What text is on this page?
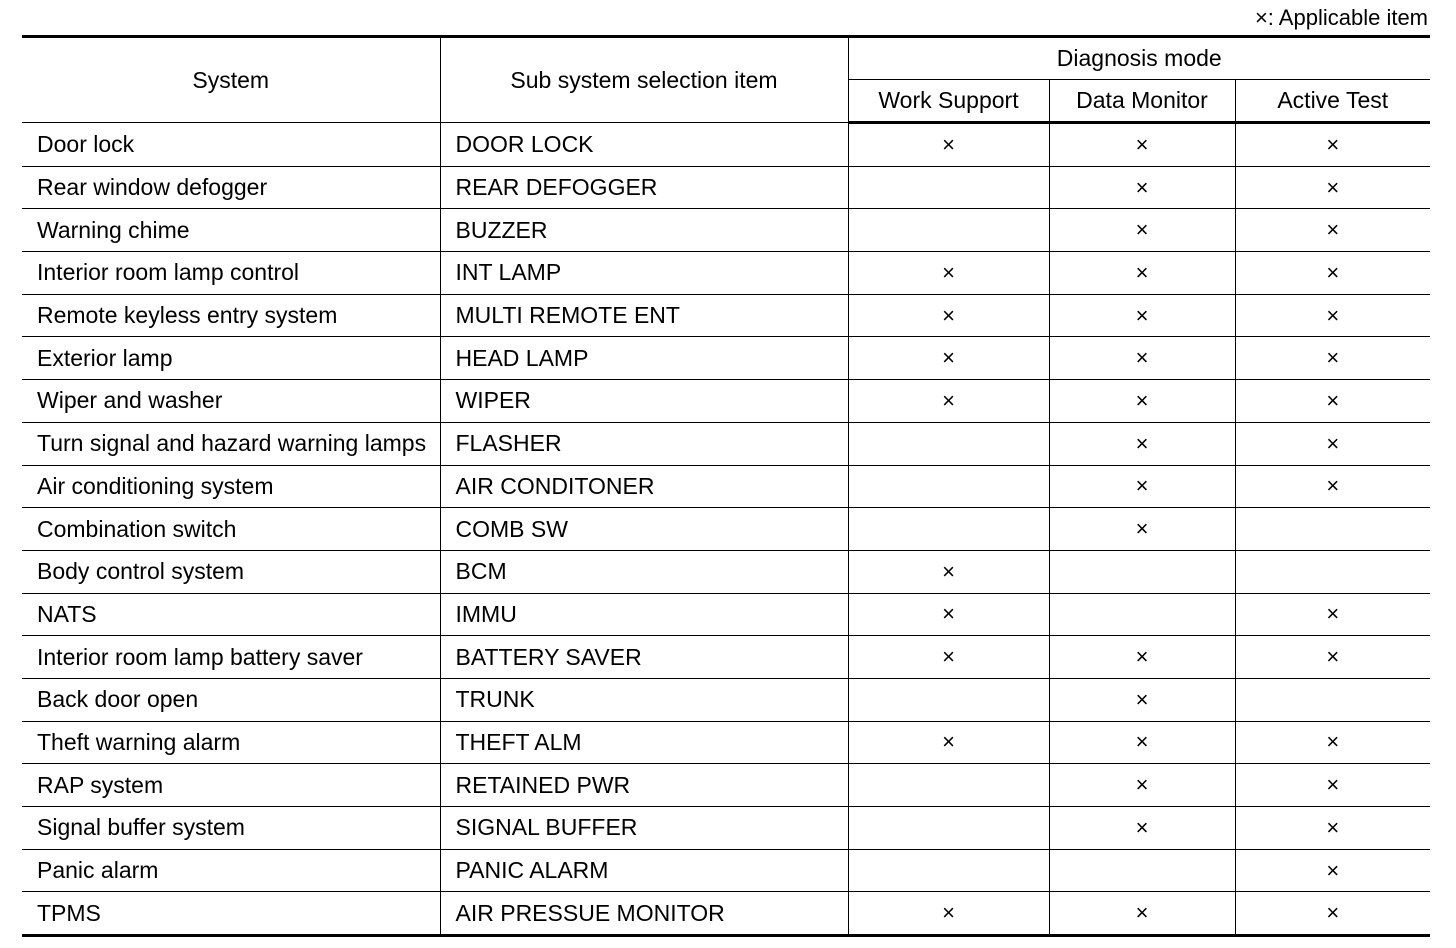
×: Applicable item
System	Sub system selection item	Diagnosis mode		
		Work Support	Data Monitor	Active Test
Door lock	DOOR LOCK	×	×	×
Rear window defogger	REAR DEFOGGER		×	×
Warning chime	BUZZER		×	×
Interior room lamp control	INT LAMP	×	×	×
Remote keyless entry system	MULTI REMOTE ENT	×	×	×
Exterior lamp	HEAD LAMP	×	×	×
Wiper and washer	WIPER	×	×	×
Turn signal and hazard warning lamps	FLASHER		×	×
Air conditioning system	AIR CONDITONER		×	×
Combination switch	COMB SW		×	
Body control system	BCM	×		
NATS	IMMU	×		×
Interior room lamp battery saver	BATTERY SAVER	×	×	×
Back door open	TRUNK		×	
Theft warning alarm	THEFT ALM	×	×	×
RAP system	RETAINED PWR		×	×
Signal buffer system	SIGNAL BUFFER		×	×
Panic alarm	PANIC ALARM			×
TPMS	AIR PRESSUE MONITOR	×	×	×
